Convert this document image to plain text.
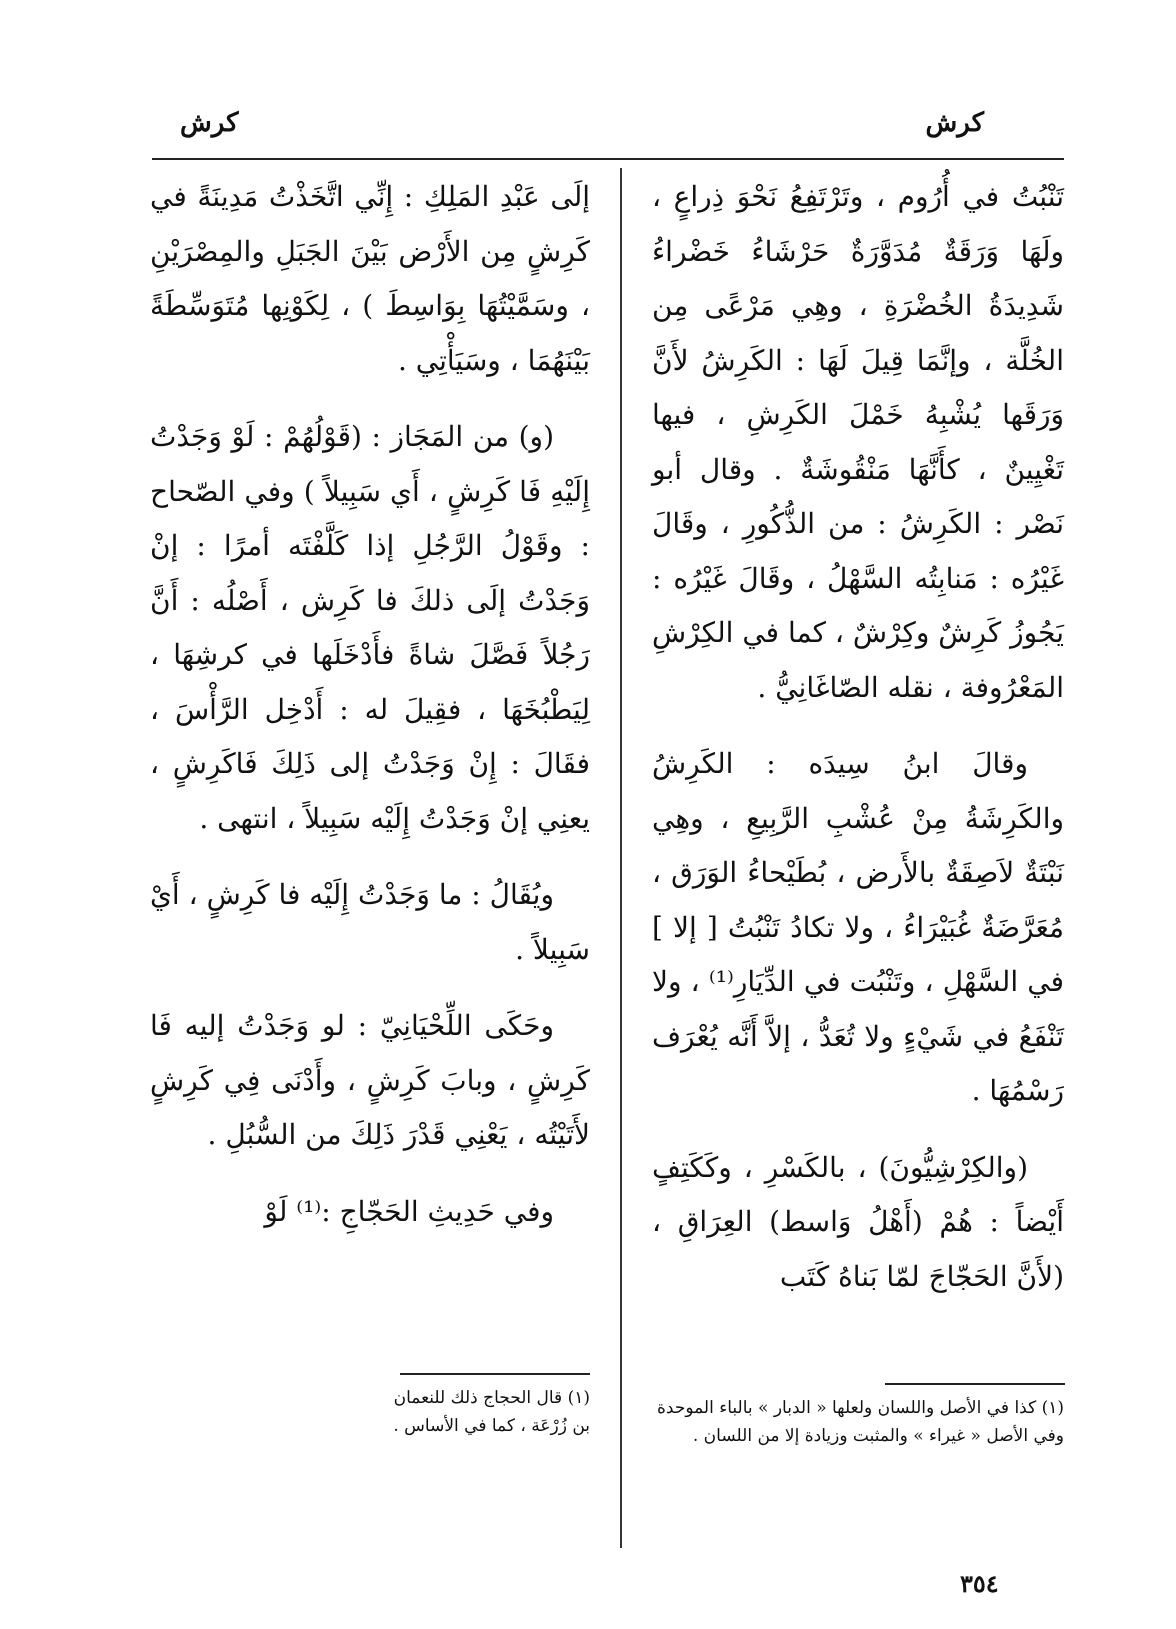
كرش
كرش

تَنْبُتُ في أُرُوم ، وتَرْتَفِعُ نَحْوَ ذِراعٍ ، ولَهَا وَرَقَةٌ مُدَوَّرَةٌ حَرْشَاءُ خَضْراءُ شَدِيدَةُ الخُضْرَةِ ، وهِي مَرْعًى مِن الخُلَّة ، وإنَّمَا قِيلَ لَهَا : الكَرِشُ لأَنَّ وَرَقَها يُشْبِهُ خَمْلَ الكَرِشِ ، فيها تَغْيِينٌ ، كأَنَّهَا مَنْقُوشَةٌ . وقال أبو نَصْر : الكَرِشُ : من الذُّكُورِ ، وقَالَ غَيْرُه : مَنابِتُه السَّهْلُ ، وقَالَ غَيْرُه : يَجُوزُ كَرِشٌ وكِرْشٌ ، كما في الكِرْشِ المَعْرُوفة ، نقله الصّاغَانِيُّ .

وقالَ ابنُ سِيدَه : الكَرِشُ والكَرِشَةُ مِنْ عُشْبِ الرَّبِيعِ ، وهِي نَبْتَةٌ لاَصِقَةٌ بالأَرض ، بُطَيْحاءُ الوَرَق ، مُعَرَّضَةٌ غُبَيْرَاءُ ، ولا تكادُ تَنْبُتُ [ إلا ] في السَّهْلِ ، وتَنْبُت في الدِّيَارِ⁽¹⁾ ، ولا تَنْفَعُ في شَيْءٍ ولا تُعَدُّ ، إلاَّ أَنَّه يُعْرَف رَسْمُهَا .

(والكِرْشِيُّونَ) ، بالكَسْرِ ، وكَكَتِفٍ أَيْضاً : هُمْ (أَهْلُ وَاسط) العِرَاقِ ، (لأَنَّ الحَجّاجَ لمّا بَناهُ كَتَب

إلَى عَبْدِ المَلِكِ : إِنِّي اتَّخَذْتُ مَدِينَةً في كَرِشٍ مِن الأَرْض بَيْنَ الجَبَلِ والمِصْرَيْنِ ، وسَمَّيْتُهَا بِوَاسِطَ ) ، لِكَوْنِها مُتَوَسِّطَةً بَيْنَهُمَا ، وسَيَأْتِي .

(و) من المَجَاز : (قَوْلُهُمْ : لَوْ وَجَدْتُ إِلَيْهِ فَا كَرِشٍ ، أَي سَبِيلاً ) وفي الصّحاح : وقَوْلُ الرَّجُلِ إذا كَلَّفْتَه أمرًا : إنْ وَجَدْتُ إلَى ذلكَ فا كَرِش ، أَصْلُه : أَنَّ رَجُلاً فَصَّلَ شاةً فأَدْخَلَها في كرشِهَا ، لِيَطْبُخَهَا ، فقِيلَ له : أَدْخِل الرَّأْسَ ، فقَالَ : إِنْ وَجَدْتُ إلى ذَلِكَ فَاكَرِشٍ ، يعنِي إنْ وَجَدْتُ إِلَيْه سَبِيلاً ، انتهى .

ويُقَالُ : ما وَجَدْتُ إِلَيْه فا كَرِشٍ ، أَيْ سَبِيلاً .

وحَكَى اللِّحْيَانِيّ : لو وَجَدْتُ إليه فَا كَرِشٍ ، وبابَ كَرِشٍ ، وأَدْنَى فِي كَرِشٍ لأَتَيْتُه ، يَعْنِي قَدْرَ ذَلِكَ من السُّبُلِ .

وفي حَدِيثِ الحَجّاجِ :⁽¹⁾ لَوْ

(١) كذا في الأصل واللسان ولعلها « الدبار » بالباء الموحدة وفي الأصل « غيراء » والمثبت وزيادة إلا من اللسان .
(١) قال الحجاج ذلك للنعمان بن زُرْعَة ، كما في الأساس .
٣٥٤
